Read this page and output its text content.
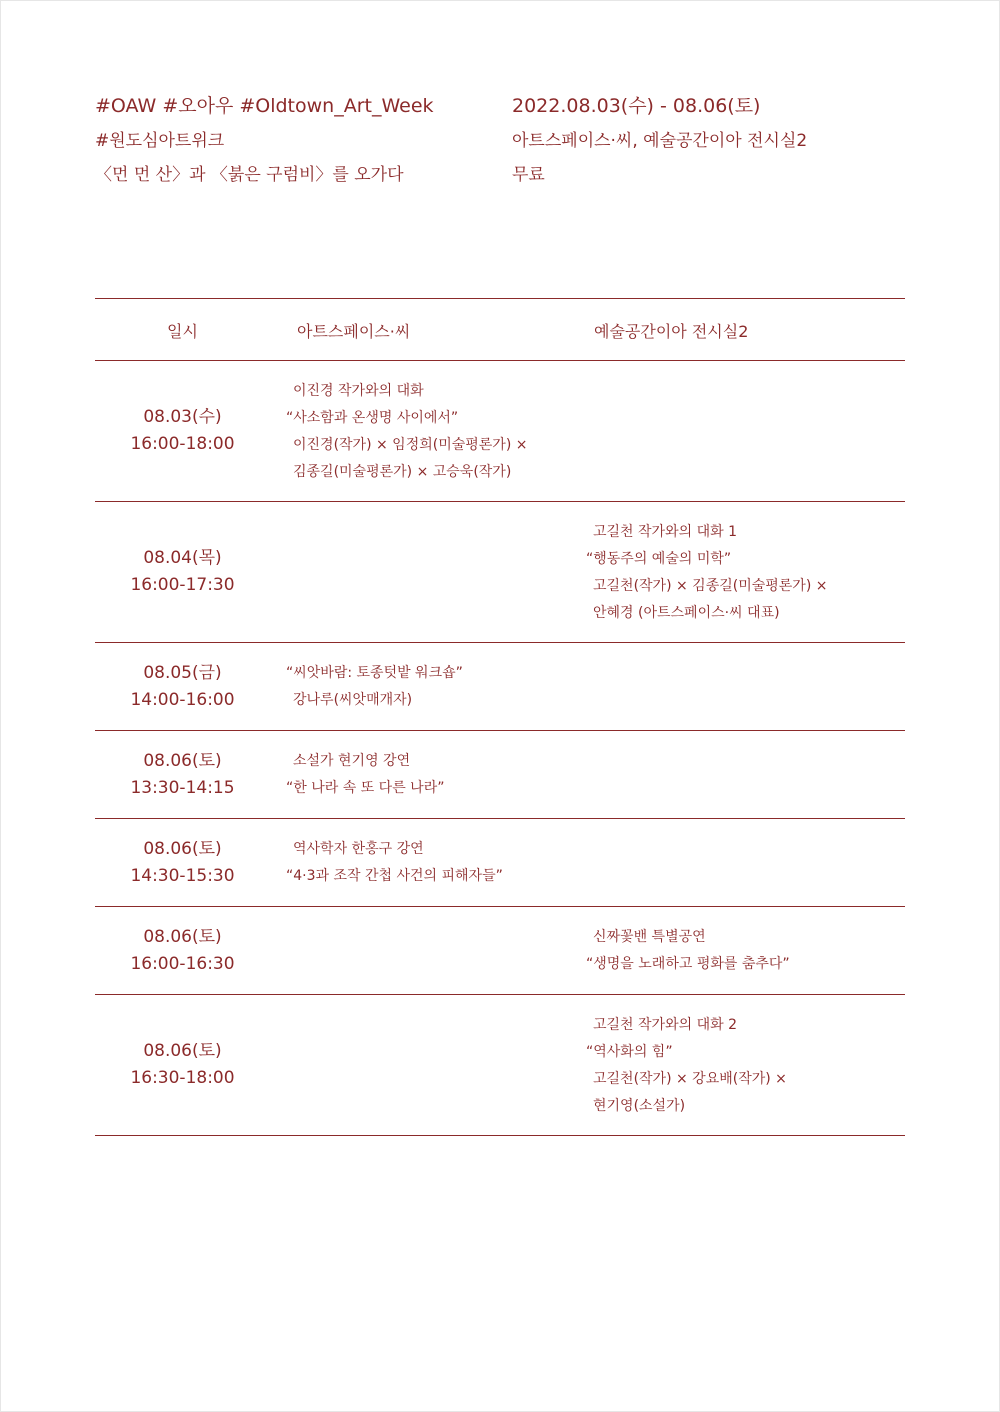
#OAW #오아우 #Oldtown_Art_Week
#원도심아트위크
〈먼 먼 산〉과 〈붉은 구럼비〉를 오가다
2022.08.03(수) - 08.06(토)
아트스페이스·씨, 예술공간이아 전시실2
무료
일시	아트스페이스·씨	예술공간이아 전시실2
08.03(수)
16:00-18:00
이진경 작가와의 대화
“사소함과 온생명 사이에서”
이진경(작가) × 임정희(미술평론가) ×
김종길(미술평론가) × 고승욱(작가)
08.04(목)
16:00-17:30
고길천 작가와의 대화 1
“행동주의 예술의 미학”
고길천(작가) × 김종길(미술평론가) ×
안혜경 (아트스페이스·씨 대표)
08.05(금)
14:00-16:00
“씨앗바람: 토종텃밭 워크숍”
강나루(씨앗매개자)
08.06(토)
13:30-14:15
소설가 현기영 강연
“한 나라 속 또 다른 나라”
08.06(토)
14:30-15:30
역사학자 한홍구 강연
“4·3과 조작 간첩 사건의 피해자들”
08.06(토)
16:00-16:30
신짜꽃밴 특별공연
“생명을 노래하고 평화를 춤추다”
08.06(토)
16:30-18:00
고길천 작가와의 대화 2
“역사화의 힘”
고길천(작가) × 강요배(작가) ×
현기영(소설가)
